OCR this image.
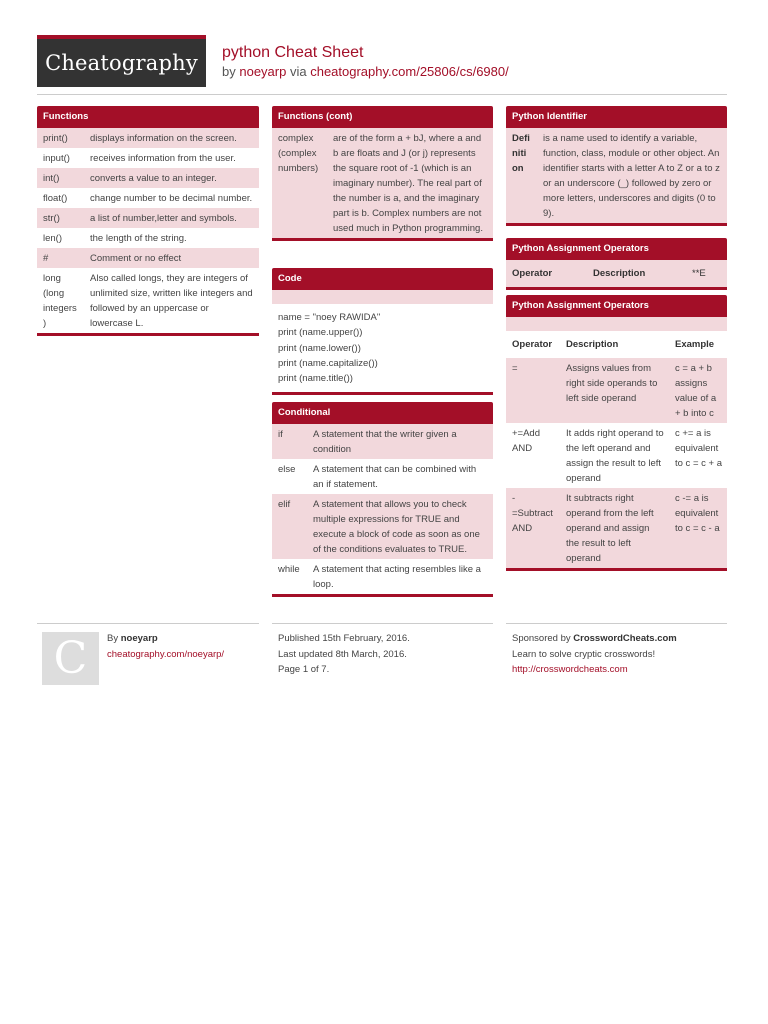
Cheatography	python Cheat Sheet
by noeyarp via cheatography.com/25806/cs/6980/
Functions
print()	displays information on the screen.
input()	receives information from the user.
int()	converts a value to an integer.
float()	change number to be decimal number.
str()	a list of number,letter and symbols.
len()	the length of the string.
#	Comment or no effect
long (long integers )	Also called longs, they are integers of unlimited size, written like integers and followed by an uppercase or lowercase L.
Functions (cont)
complex (complex numbers)	are of the form a + bJ, where a and b are floats and J (or j) represents the square root of -1 (which is an imaginary number). The real part of the number is a, and the imaginary part is b. Complex numbers are not used much in Python programming.
Code
name = "noey RAWIDA"
print (name.upper())
print (name.lower())
print (name.capitalize())
print (name.title())
Conditional
if	A statement that the writer given a condition
else	A statement that can be combined with an if statement.
elif	A statement that allows you to check multiple expressions for TRUE and execute a block of code as soon as one of the conditions evaluates to TRUE.
while	A statement that acting resembles like a loop.
Python Identifier
Defi niti on	is a name used to identify a variable, function, class, module or other object. An identifier starts with a letter A to Z or a to z or an underscore (_) followed by zero or more letters, underscores and digits (0 to 9).
Python Assignment Operators
Operator	Description	**E
Python Assignment Operators
Operator	Description	Example
=	Assigns values from right side operands to left side operand	c = a + b assigns value of a + b into c
+=Add AND	It adds right operand to the left operand and assign the result to left operand	c += a is equivalent to c = c + a
- =Subtract AND	It subtracts right operand from the left operand and assign the result to left operand	c -= a is equivalent to c = c - a
C	By noeyarp
cheatography.com/noeyarp/
Published 15th February, 2016.
Last updated 8th March, 2016.
Page 1 of 7.
Sponsored by CrosswordCheats.com
Learn to solve cryptic crosswords!
http://crosswordcheats.com
